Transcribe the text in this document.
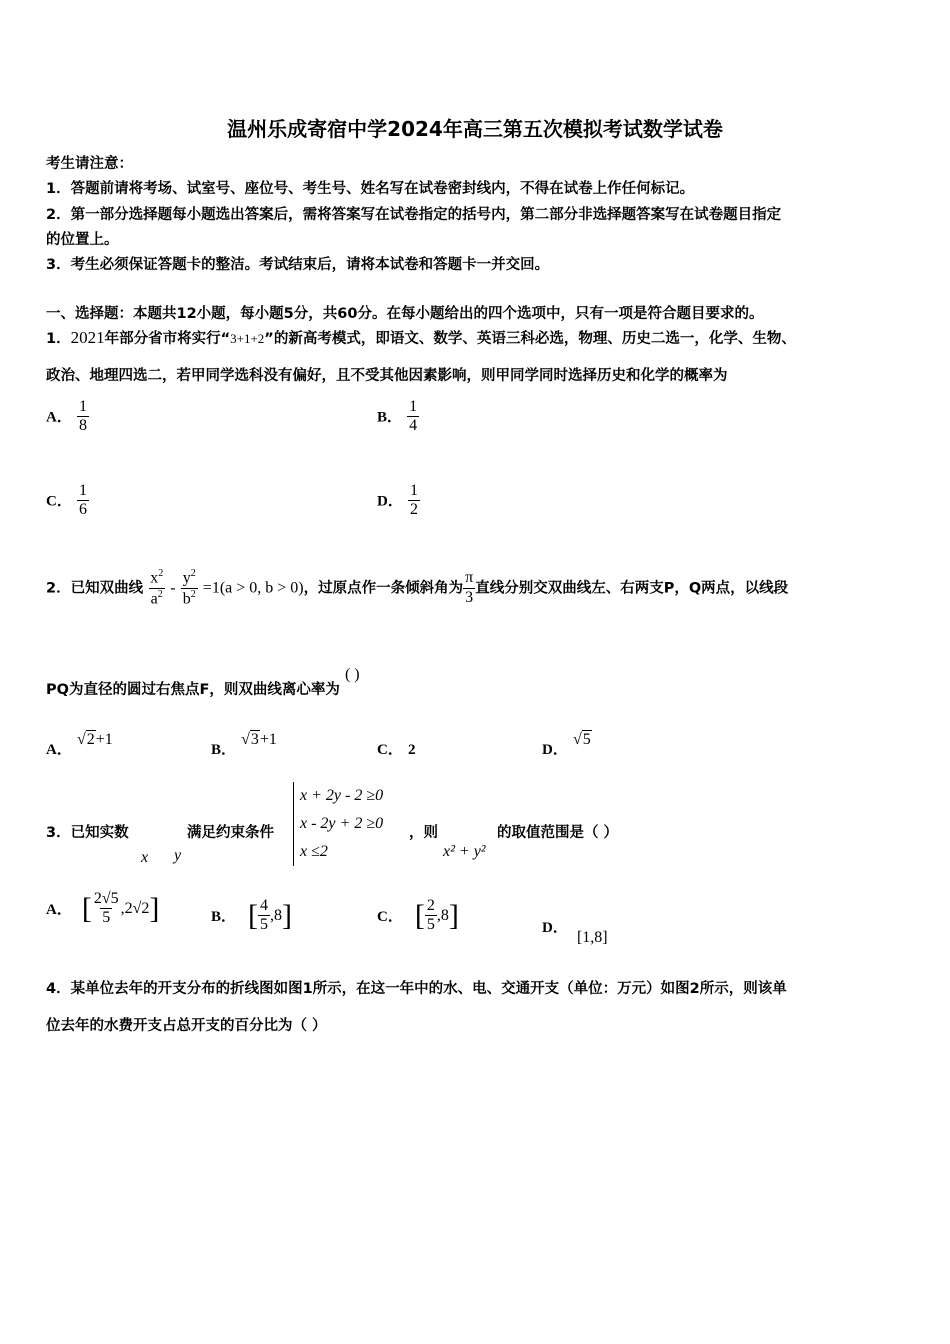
温州乐成寄宿中学2024年高三第五次模拟考试数学试卷
考生请注意：
1．答题前请将考场、试室号、座位号、考生号、姓名写在试卷密封线内，不得在试卷上作任何标记。
2．第一部分选择题每小题选出答案后，需将答案写在试卷指定的括号内，第二部分非选择题答案写在试卷题目指定
的位置上。
3．考生必须保证答题卡的整洁。考试结束后，请将本试卷和答题卡一并交回。
一、选择题：本题共12小题，每小题5分，共60分。在每小题给出的四个选项中，只有一项是符合题目要求的。
1．2021年部分省市将实行“3+1+2”的新高考模式，即语文、数学、英语三科必选，物理、历史二选一，化学、生物、
政治、地理四选二，若甲同学选科没有偏好，且不受其他因素影响，则甲同学同时选择历史和化学的概率为
A． $\frac{1}{8}$	B． $\frac{1}{4}$
C． $\frac{1}{6}$	D． $\frac{1}{2}$
2．已知双曲线 $\frac{x^2}{a^2} - \frac{y^2}{b^2} =1(a > 0$, b > 0)，过原点作一条倾斜角为 $\frac{\pi}{3}$ 直线分别交双曲线左、右两支P，Q两点，以线段
PQ为直径的圆过右焦点F，则双曲线离心率为 ( )
A． √2+1
B． √3+1
C． 2	D． √5
3．已知实数
x y
满足约束条件
x + 2y - 2 ≥0
x - 2y + 2 ≥0
x ≤2
，则
x² + y²
的取值范围是（ ）
A． [ $\frac{2√5}{5} ,2√2$ ]	B． [ $\frac{4}{5} ,8$ ]	C． [ $\frac{2}{5} ,8$ ]	D． [1,8]
4．某单位去年的开支分布的折线图如图1所示，在这一年中的水、电、交通开支（单位：万元）如图2所示，则该单
位去年的水费开支占总开支的百分比为（ ）
